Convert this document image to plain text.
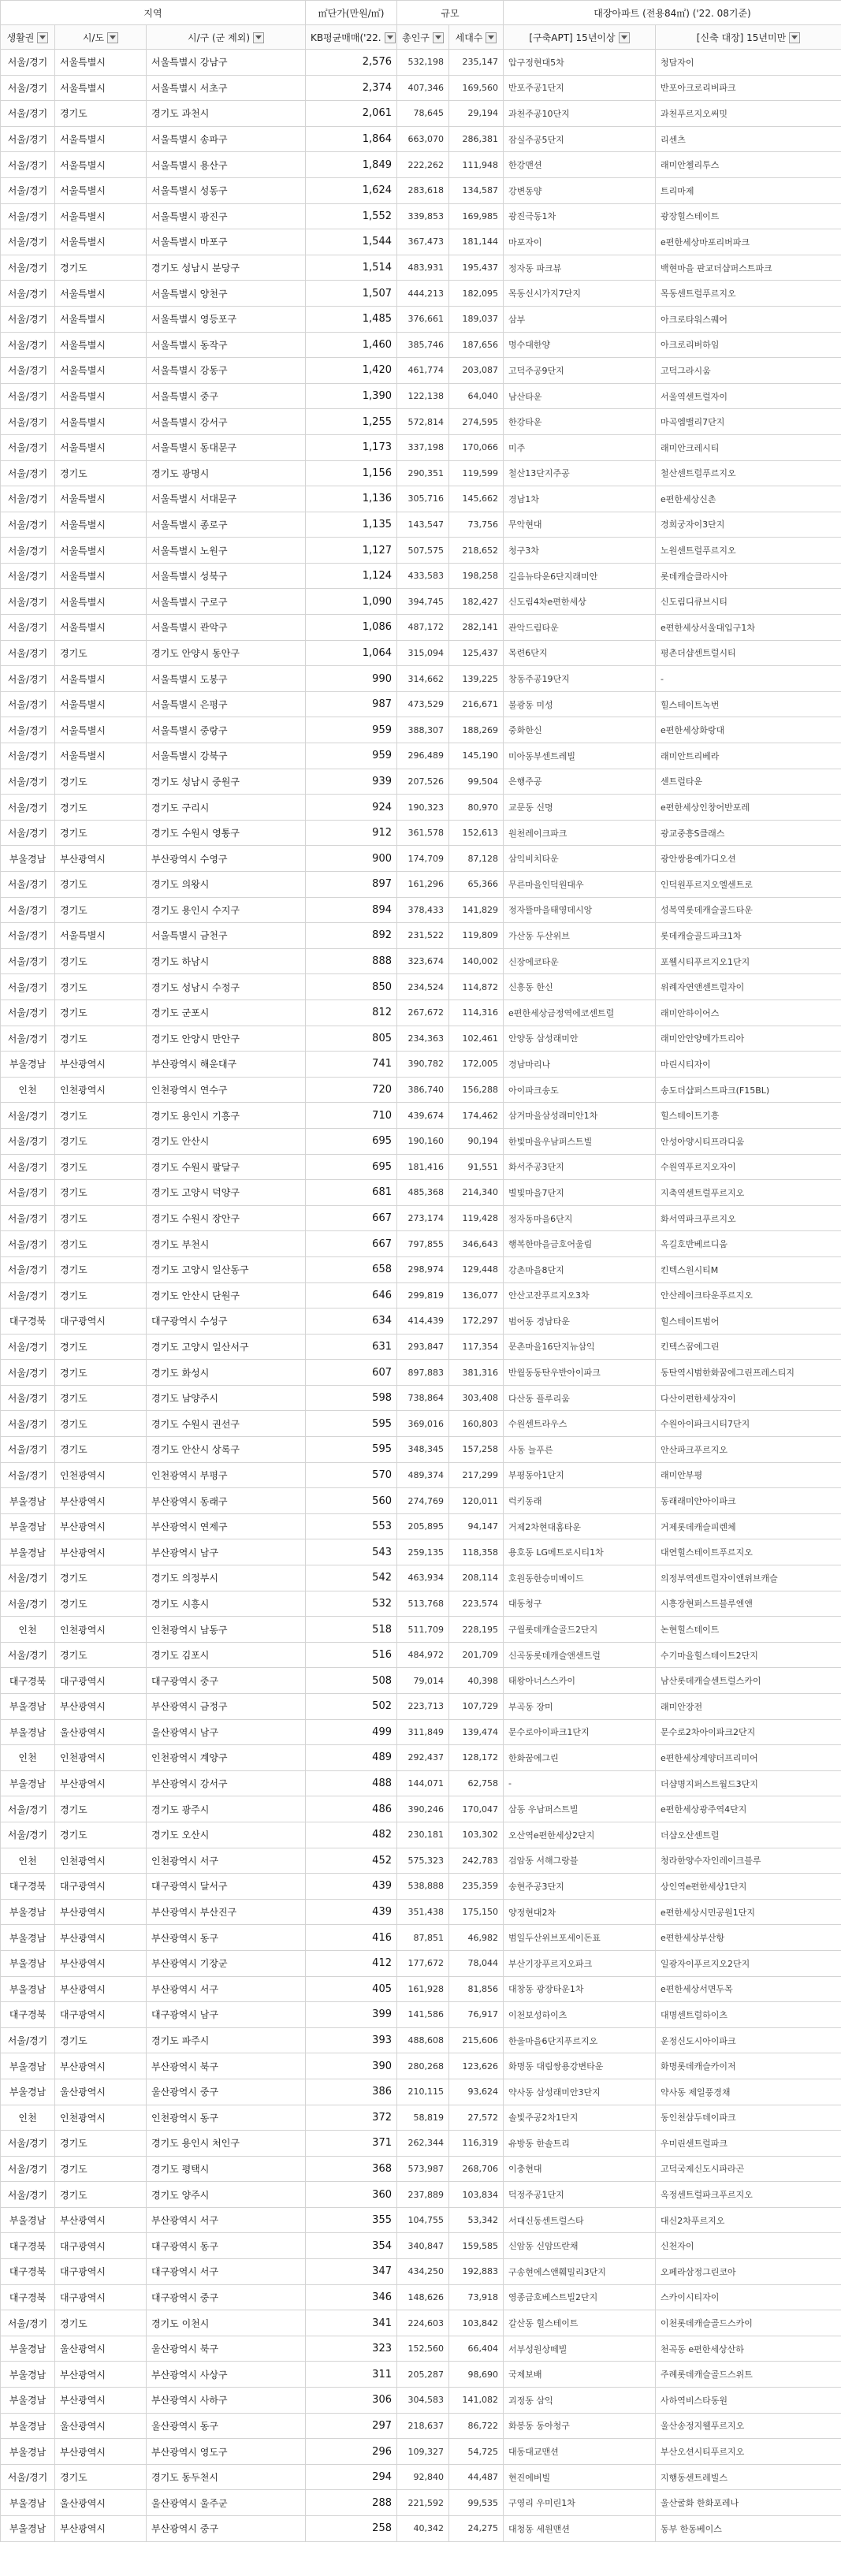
지역			㎡단가(만원/㎡)	규모		대장아파트 (전용84㎡) ('22. 08기준)	
생활권	시/도	시/구 (군 제외)	KB평균매매('22.	총인구	세대수	[구축APT] 15년이상	[신축 대장] 15년미만
서울/경기	서울특별시	서울특별시 강남구	2,576	532,198	235,147	압구정현대5차	청담자이
서울/경기	서울특별시	서울특별시 서초구	2,374	407,346	169,560	반포주공1단지	반포아크로리버파크
서울/경기	경기도	경기도 과천시	2,061	78,645	29,194	과천주공10단지	과천푸르지오써밋
서울/경기	서울특별시	서울특별시 송파구	1,864	663,070	286,381	잠실주공5단지	리센츠
서울/경기	서울특별시	서울특별시 용산구	1,849	222,262	111,948	한강맨션	래미안첼리투스
서울/경기	서울특별시	서울특별시 성동구	1,624	283,618	134,587	강변동양	트리마제
서울/경기	서울특별시	서울특별시 광진구	1,552	339,853	169,985	광진극동1차	광장힐스테이트
서울/경기	서울특별시	서울특별시 마포구	1,544	367,473	181,144	마포자이	e편한세상마포리버파크
서울/경기	경기도	경기도 성남시 분당구	1,514	483,931	195,437	정자동 파크뷰	백현마을 판교더샵퍼스트파크
서울/경기	서울특별시	서울특별시 양천구	1,507	444,213	182,095	목동신시가지7단지	목동센트럴푸르지오
서울/경기	서울특별시	서울특별시 영등포구	1,485	376,661	189,037	삼부	아크로타워스퀘어
서울/경기	서울특별시	서울특별시 동작구	1,460	385,746	187,656	명수대한양	아크로리버하임
서울/경기	서울특별시	서울특별시 강동구	1,420	461,774	203,087	고덕주공9단지	고덕그라시움
서울/경기	서울특별시	서울특별시 중구	1,390	122,138	64,040	남산타운	서울역센트럴자이
서울/경기	서울특별시	서울특별시 강서구	1,255	572,814	274,595	한강타운	마곡엠밸리7단지
서울/경기	서울특별시	서울특별시 동대문구	1,173	337,198	170,066	미주	래미안크레시티
서울/경기	경기도	경기도 광명시	1,156	290,351	119,599	철산13단지주공	철산센트럴푸르지오
서울/경기	서울특별시	서울특별시 서대문구	1,136	305,716	145,662	경남1차	e편한세상신촌
서울/경기	서울특별시	서울특별시 종로구	1,135	143,547	73,756	무악현대	경희궁자이3단지
서울/경기	서울특별시	서울특별시 노원구	1,127	507,575	218,652	청구3차	노원센트럴푸르지오
서울/경기	서울특별시	서울특별시 성북구	1,124	433,583	198,258	길음뉴타운6단지래미안	롯데캐슬클라시아
서울/경기	서울특별시	서울특별시 구로구	1,090	394,745	182,427	신도림4차e편한세상	신도림디큐브시티
서울/경기	서울특별시	서울특별시 관악구	1,086	487,172	282,141	관악드림타운	e편한세상서울대입구1차
서울/경기	경기도	경기도 안양시 동안구	1,064	315,094	125,437	목련6단지	평촌더샵센트럴시티
서울/경기	서울특별시	서울특별시 도봉구	990	314,662	139,225	창동주공19단지	-
서울/경기	서울특별시	서울특별시 은평구	987	473,529	216,671	불광동 미성	힐스테이트녹번
서울/경기	서울특별시	서울특별시 중랑구	959	388,307	188,269	중화한신	e편한세상화랑대
서울/경기	서울특별시	서울특별시 강북구	959	296,489	145,190	미아동부센트레빌	래미안트리베라
서울/경기	경기도	경기도 성남시 중원구	939	207,526	99,504	은행주공	센트럴타운
서울/경기	경기도	경기도 구리시	924	190,323	80,970	교문동 신명	e편한세상인창어반포레
서울/경기	경기도	경기도 수원시 영통구	912	361,578	152,613	원천레이크파크	광교중흥S클래스
부울경남	부산광역시	부산광역시 수영구	900	174,709	87,128	삼익비치타운	광안쌍용예가디오션
서울/경기	경기도	경기도 의왕시	897	161,296	65,366	무른마을인덕원대우	인덕원푸르지오엘센트로
서울/경기	경기도	경기도 용인시 수지구	894	378,433	141,829	정자뜰마을태영데시앙	성복역롯데캐슬골드타운
서울/경기	서울특별시	서울특별시 금천구	892	231,522	119,809	가산동 두산위브	롯데캐슬골드파크1차
서울/경기	경기도	경기도 하남시	888	323,674	140,002	신장에코타운	포웰시티푸르지오1단지
서울/경기	경기도	경기도 성남시 수정구	850	234,524	114,872	신흥동 한신	위례자연앤센트럴자이
서울/경기	경기도	경기도 군포시	812	267,672	114,316	e편한세상금정역에코센트럴	래미안하이어스
서울/경기	경기도	경기도 안양시 만안구	805	234,363	102,461	안양동 삼성래미안	래미안안양메가트리아
부울경남	부산광역시	부산광역시 해운대구	741	390,782	172,005	경남마리나	마린시티자이
인천	인천광역시	인천광역시 연수구	720	386,740	156,288	아이파크송도	송도더샵퍼스트파크(F15BL)
서울/경기	경기도	경기도 용인시 기흥구	710	439,674	174,462	삼거마을삼성래미안1차	힐스테이트기흥
서울/경기	경기도	경기도 안산시	695	190,160	90,194	한빛마을우남퍼스트빌	안성아양시티프라디움
서울/경기	경기도	경기도 수원시 팔달구	695	181,416	91,551	화서주공3단지	수원역푸르지오자이
서울/경기	경기도	경기도 고양시 덕양구	681	485,368	214,340	별빛마을7단지	지축역센트럴푸르지오
서울/경기	경기도	경기도 수원시 장안구	667	273,174	119,428	정자동마을6단지	화서역파크푸르지오
서울/경기	경기도	경기도 부천시	667	797,855	346,643	행복한마을금호어울림	옥길호반베르디움
서울/경기	경기도	경기도 고양시 일산동구	658	298,974	129,448	강촌마을8단지	킨텍스원시티M
서울/경기	경기도	경기도 안산시 단원구	646	299,819	136,077	안산고잔푸르지오3차	안산레이크타운푸르지오
대구경북	대구광역시	대구광역시 수성구	634	414,439	172,297	범어동 경남타운	힐스테이트범어
서울/경기	경기도	경기도 고양시 일산서구	631	293,847	117,354	문촌마을16단지뉴삼익	킨텍스꿈에그린
서울/경기	경기도	경기도 화성시	607	897,883	381,316	반월동동탄우반아이파크	동탄역시범한화꿈에그린프레스티지
서울/경기	경기도	경기도 남양주시	598	738,864	303,408	다산동 플루리움	다산이편한세상자이
서울/경기	경기도	경기도 수원시 권선구	595	369,016	160,803	수원센트라우스	수원아이파크시티7단지
서울/경기	경기도	경기도 안산시 상록구	595	348,345	157,258	사동 늘푸른	안산파크푸르지오
서울/경기	인천광역시	인천광역시 부평구	570	489,374	217,299	부평동아1단지	래미안부평
부울경남	부산광역시	부산광역시 동래구	560	274,769	120,011	럭키동래	동래래미안아이파크
부울경남	부산광역시	부산광역시 연제구	553	205,895	94,147	거제2차현대홈타운	거제롯데캐슬피렌체
부울경남	부산광역시	부산광역시 남구	543	259,135	118,358	용호동 LG메트로시티1차	대연힐스테이트푸르지오
서울/경기	경기도	경기도 의정부시	542	463,934	208,114	호원동한승미메이드	의정부역센트럴자이앤위브캐슬
서울/경기	경기도	경기도 시흥시	532	513,768	223,574	대동청구	시흥장현퍼스트블루엔앤
인천	인천광역시	인천광역시 남동구	518	511,709	228,195	구월롯데캐슬골드2단지	논현힐스테이트
서울/경기	경기도	경기도 김포시	516	484,972	201,709	신곡동롯데캐슬앤센트럴	수기마을힐스테이트2단지
대구경북	대구광역시	대구광역시 중구	508	79,014	40,398	태왕아너스스카이	남산롯데캐슬센트럴스카이
부울경남	부산광역시	부산광역시 금정구	502	223,713	107,729	부곡동 장미	래미안장전
부울경남	울산광역시	울산광역시 남구	499	311,849	139,474	문수로아이파크1단지	문수로2차아이파크2단지
인천	인천광역시	인천광역시 계양구	489	292,437	128,172	한화꿈에그린	e편한세상계양더프리미어
부울경남	부산광역시	부산광역시 강서구	488	144,071	62,758	-	더샵명지퍼스트월드3단지
서울/경기	경기도	경기도 광주시	486	390,246	170,047	삼동 우남퍼스트빌	e편한세상광주역4단지
서울/경기	경기도	경기도 오산시	482	230,181	103,302	오산역e편한세상2단지	더샵오산센트럴
인천	인천광역시	인천광역시 서구	452	575,323	242,783	검암동 서해그랑블	청라한양수자인레이크블루
대구경북	대구광역시	대구광역시 달서구	439	538,888	235,359	송현주공3단지	상인역e편한세상1단지
부울경남	부산광역시	부산광역시 부산진구	439	351,438	175,150	양정현대2차	e편한세상시민공원1단지
부울경남	부산광역시	부산광역시 동구	416	87,851	46,982	범일두산위브포세이돈표	e편한세상부산항
부울경남	부산광역시	부산광역시 기장군	412	177,672	78,044	부산기장푸르지오파크	일광자이푸르지오2단지
부울경남	부산광역시	부산광역시 서구	405	161,928	81,856	대창동 광장타운1차	e편한세상서면두목
대구경북	대구광역시	대구광역시 남구	399	141,586	76,917	이천보성하이츠	대명센트럴하이츠
서울/경기	경기도	경기도 파주시	393	488,608	215,606	한울마을6단지푸르지오	운정신도시아이파크
부울경남	부산광역시	부산광역시 북구	390	280,268	123,626	화명동 대림쌍용강변타운	화명롯데캐슬카이저
부울경남	울산광역시	울산광역시 중구	386	210,115	93,624	약사동 삼성래미안3단지	약사동 제일풍경채
인천	인천광역시	인천광역시 동구	372	58,819	27,572	솔빛주공2차1단지	동인천삼두데이파크
서울/경기	경기도	경기도 용인시 처인구	371	262,344	116,319	유방동 한솔트리	우미린센트럴파크
서울/경기	경기도	경기도 평택시	368	573,987	268,706	이충현대	고덕국제신도시파라곤
서울/경기	경기도	경기도 양주시	360	237,889	103,834	덕정주공1단지	옥정센트럴파크푸르지오
부울경남	부산광역시	부산광역시 서구	355	104,755	53,342	서대신동센트럴스타	대신2차푸르지오
대구경북	대구광역시	대구광역시 동구	354	340,847	159,585	신암동 신암뜨란채	신천자이
대구경북	대구광역시	대구광역시 서구	347	434,250	192,883	구송현에스앤훼밀리3단지	오페라삼정그린코아
대구경북	대구광역시	대구광역시 중구	346	148,626	73,918	영종금호베스트빌2단지	스카이시티자이
서울/경기	경기도	경기도 이천시	341	224,603	103,842	갈산동 힐스테이트	이천롯데캐슬골드스카이
부울경남	울산광역시	울산광역시 북구	323	152,560	66,404	서부성원상떼빌	천곡동 e편한세상산하
부울경남	부산광역시	부산광역시 사상구	311	205,287	98,690	국제보배	주례롯데캐슬골드스위트
부울경남	부산광역시	부산광역시 사하구	306	304,583	141,082	괴정동 삼익	사하역비스타동원
부울경남	울산광역시	울산광역시 동구	297	218,637	86,722	화봉동 동아청구	울산송정지웰푸르지오
부울경남	부산광역시	부산광역시 영도구	296	109,327	54,725	대동대교맨션	부산오션시티푸르지오
서울/경기	경기도	경기도 동두천시	294	92,840	44,487	현진에버빌	지행동센트레빌스
부울경남	울산광역시	울산광역시 울주군	288	221,592	99,535	구영리 우미린1차	울산굴화 한화포레나
부울경남	부산광역시	부산광역시 중구	258	40,342	24,275	대청동 세원맨션	동부 한동베이스
